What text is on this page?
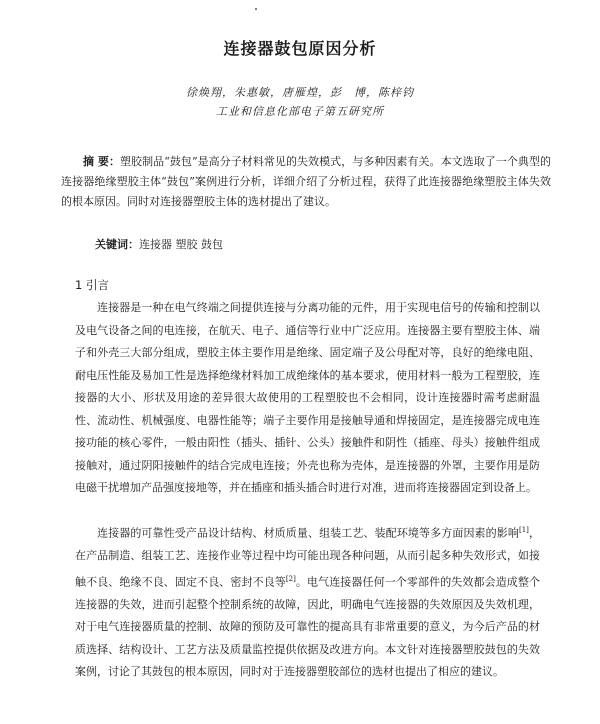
连接器鼓包原因分析
徐焕翔，朱惠敏，唐雁煌，彭　博，陈梓钧
工业和信息化部电子第五研究所
摘 要：塑胶制品“鼓包”是高分子材料常见的失效模式，与多种因素有关。本文选取了一个典型的连接器绝缘塑胶主体“鼓包”案例进行分析，详细介绍了分析过程，获得了此连接器绝缘塑胶主体失效的根本原因。同时对连接器塑胶主体的选材提出了建议。
关键词：连接器 塑胶 鼓包
1 引言

连接器是一种在电气终端之间提供连接与分离功能的元件，用于实现电信号的传输和控制以及电气设备之间的电连接，在航天、电子、通信等行业中广泛应用。连接器主要有塑胶主体、端子和外壳三大部分组成，塑胶主体主要作用是绝缘、固定端子及公母配对等，良好的绝缘电阻、耐电压性能及易加工性是选择绝缘材料加工成绝缘体的基本要求，使用材料一般为工程塑胶，连接器的大小、形状及用途的差异很大故使用的工程塑胶也不会相同，设计连接器时需考虑耐温性、流动性、机械强度、电器性能等；端子主要作用是接触导通和焊接固定，是连接器完成电连接功能的核心零件，一般由阳性（插头、插针、公头）接触件和阴性（插座、母头）接触件组成接触对，通过阴阳接触件的结合完成电连接；外壳也称为壳体，是连接器的外罩，主要作用是防电磁干扰增加产品强度接地等，并在插座和插头插合时进行对准，进而将连接器固定到设备上。

连接器的可靠性受产品设计结构、材质质量、组装工艺、装配环境等多方面因素的影响[1]，在产品制造、组装工艺、连接作业等过程中均可能出现各种问题，从而引起多种失效形式，如接触不良、绝缘不良、固定不良、密封不良等[2]。电气连接器任何一个零部件的失效都会造成整个连接器的失效，进而引起整个控制系统的故障，因此，明确电气连接器的失效原因及失效机理，对于电气连接器质量的控制、故障的预防及可靠性的提高具有非常重要的意义，为今后产品的材质选择、结构设计、工艺方法及质量监控提供依据及改进方向。本文针对连接器塑胶鼓包的失效案例，讨论了其鼓包的根本原因，同时对于连接器塑胶部位的选材也提出了相应的建议。
